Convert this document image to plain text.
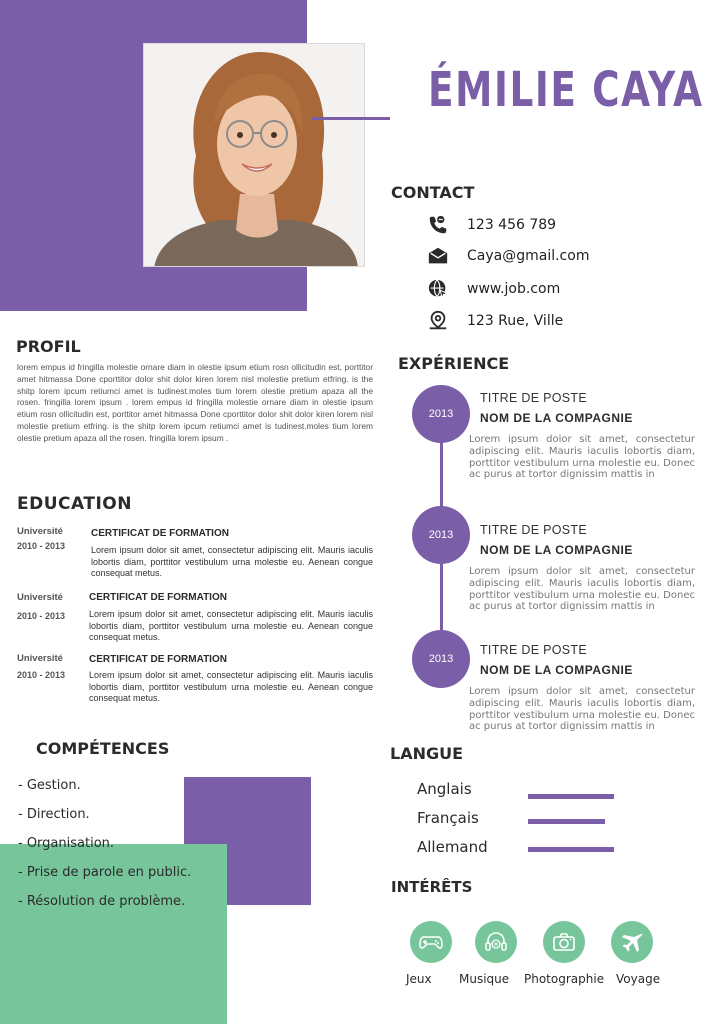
ÉMILIE CAYA
CONTACT
123 456 789
Caya@gmail.com
www.job.com
123 Rue, Ville
PROFIL
lorem empus id fringilla molestie ornare diam in olestie ipsum etium rosn ollicitudin est, porttitor amet hitmassa Done cporttitor dolor shit dolor kiren lorem nisl molestie pretium etfring. is the shitp lorem ipcum retiumci amet is tudinest.moles tium lorem olestie pretium apaza all the rosen. fringilla lorem ipsum . lorem empus id fringilla molestie ornare diam in olestie ipsum etium rosn ollicitudin est, porttitor amet hitmassa Done cporttitor dolor shit dolor kiren lorem nisl molestie pretium etfring. is the shitp lorem ipcum retiumci amet is tudinest.moles tium lorem olestie pretium apaza all the rosen. fringilla lorem ipsum .
EDUCATION
Université
2010 - 2013
CERTIFICAT DE FORMATION
Lorem ipsum dolor sit amet, consectetur adipiscing elit. Mauris iaculis lobortis diam, porttitor vestibulum urna molestie eu. Aenean congue consequat metus.
Université
2010 - 2013
CERTIFICAT DE FORMATION
Lorem ipsum dolor sit amet, consectetur adipiscing elit. Mauris iaculis lobortis diam, porttitor vestibulum urna molestie eu. Aenean congue consequat metus.
Université
2010 - 2013
CERTIFICAT DE FORMATION
Lorem ipsum dolor sit amet, consectetur adipiscing elit. Mauris iaculis lobortis diam, porttitor vestibulum urna molestie eu. Aenean congue consequat metus.
EXPÉRIENCE
2013
TITRE DE POSTE
NOM DE LA COMPAGNIE
Lorem ipsum dolor sit amet, consectetur adipiscing elit. Mauris iaculis lobortis diam, porttitor vestibulum urna molestie eu. Donec ac purus at tortor dignissim mattis in
2013	TITRE DE POSTE
NOM DE LA COMPAGNIE
Lorem ipsum dolor sit amet, consectetur adipiscing elit. Mauris iaculis lobortis diam, porttitor vestibulum urna molestie eu. Donec ac purus at tortor dignissim mattis in
2013
TITRE DE POSTE
NOM DE LA COMPAGNIE
Lorem ipsum dolor sit amet, consectetur adipiscing elit. Mauris iaculis lobortis diam, porttitor vestibulum urna molestie eu. Donec ac purus at tortor dignissim mattis in
COMPÉTENCES
- Gestion.
- Direction.
- Organisation.
- Prise de parole en public.
- Résolution de problème.
LANGUE
Anglais
Français
Allemand
INTÉRÊTS
Jeux Musique Photographie Voyage
